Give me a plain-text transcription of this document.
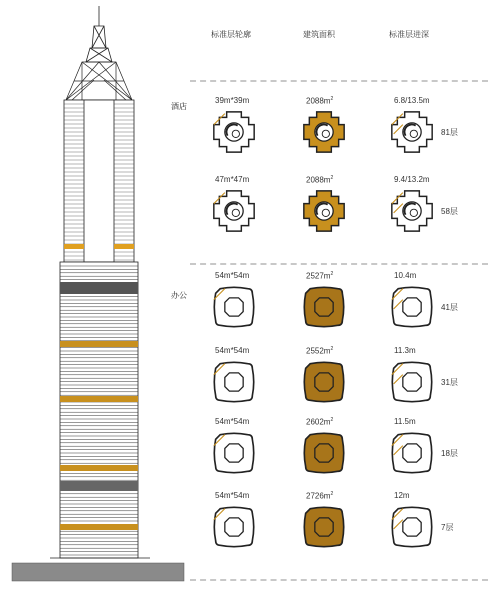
标准层轮廓	建筑面积	标准层进深
酒店
办公
39m*39m	$2088m^2$	6.8/13.5m
81层
47m*47m	$2088m^2$	9.4/13.2m
58层
54m*54m	$2527m^2$	10.4m
41层
54m*54m	$2552m^2$	11.3m
31层
54m*54m	$2602m^2$	11.5m
18层
54m*54m	$2726m^2$	12m
7层
